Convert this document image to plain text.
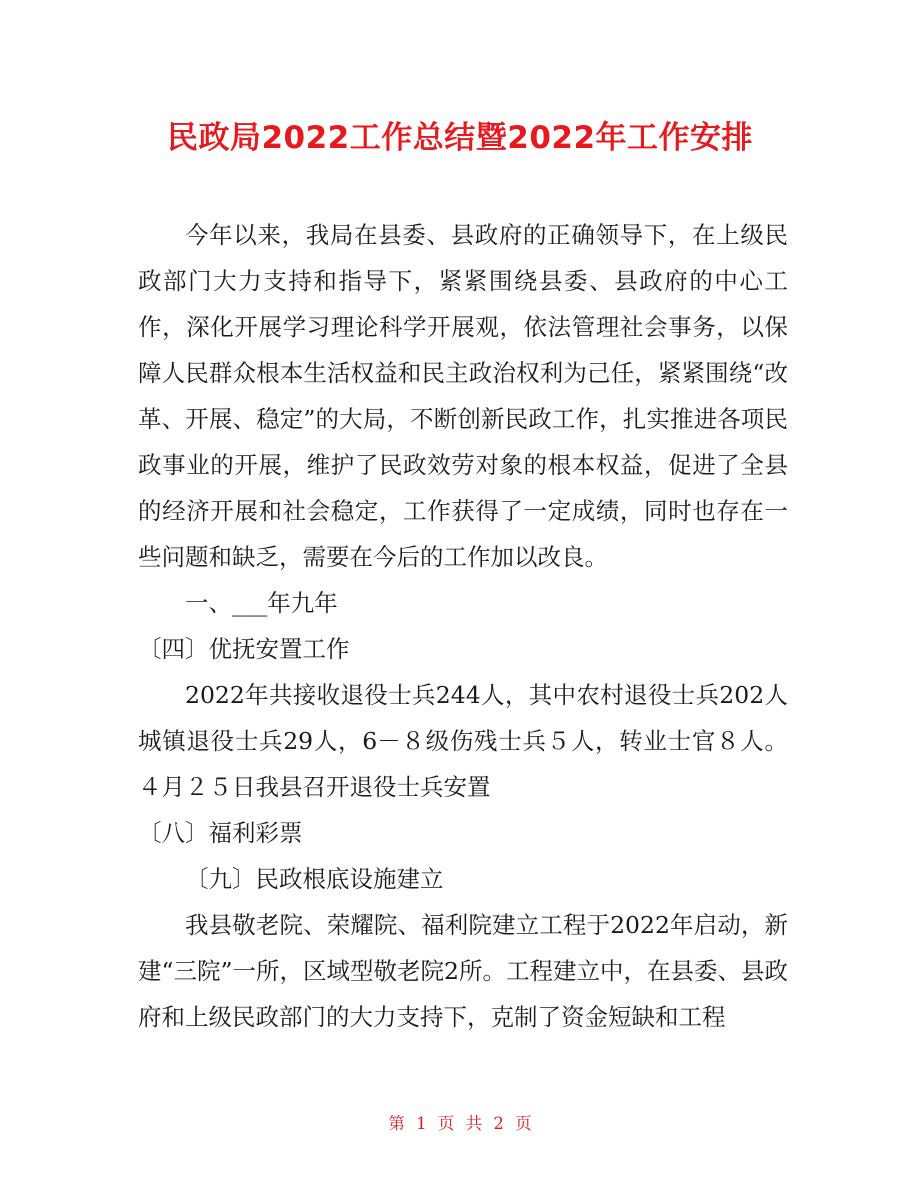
民政局2022工作总结暨2022年工作安排

今年以来，我局在县委、县政府的正确领导下，在上级民政部门大力支持和指导下，紧紧围绕县委、县政府的中心工作，深化开展学习理论科学开展观，依法管理社会事务，以保障人民群众根本生活权益和民主政治权利为己任，紧紧围绕“改革、开展、稳定”的大局，不断创新民政工作，扎实推进各项民政事业的开展，维护了民政效劳对象的根本权益，促进了全县的经济开展和社会稳定，工作获得了一定成绩，同时也存在一些问题和缺乏，需要在今后的工作加以改良。

一、___年九年

〔四〕优抚安置工作

2022年共接收退役士兵244人，其中农村退役士兵202人城镇退役士兵29人，6－８级伤残士兵５人，转业士官８人。４月２５日我县召开退役士兵安置

〔八〕福利彩票

〔九〕民政根底设施建立

我县敬老院、荣耀院、福利院建立工程于2022年启动，新建“三院”一所，区域型敬老院2所。工程建立中，在县委、县政府和上级民政部门的大力支持下，克制了资金短缺和工程

第 1 页 共 2 页
